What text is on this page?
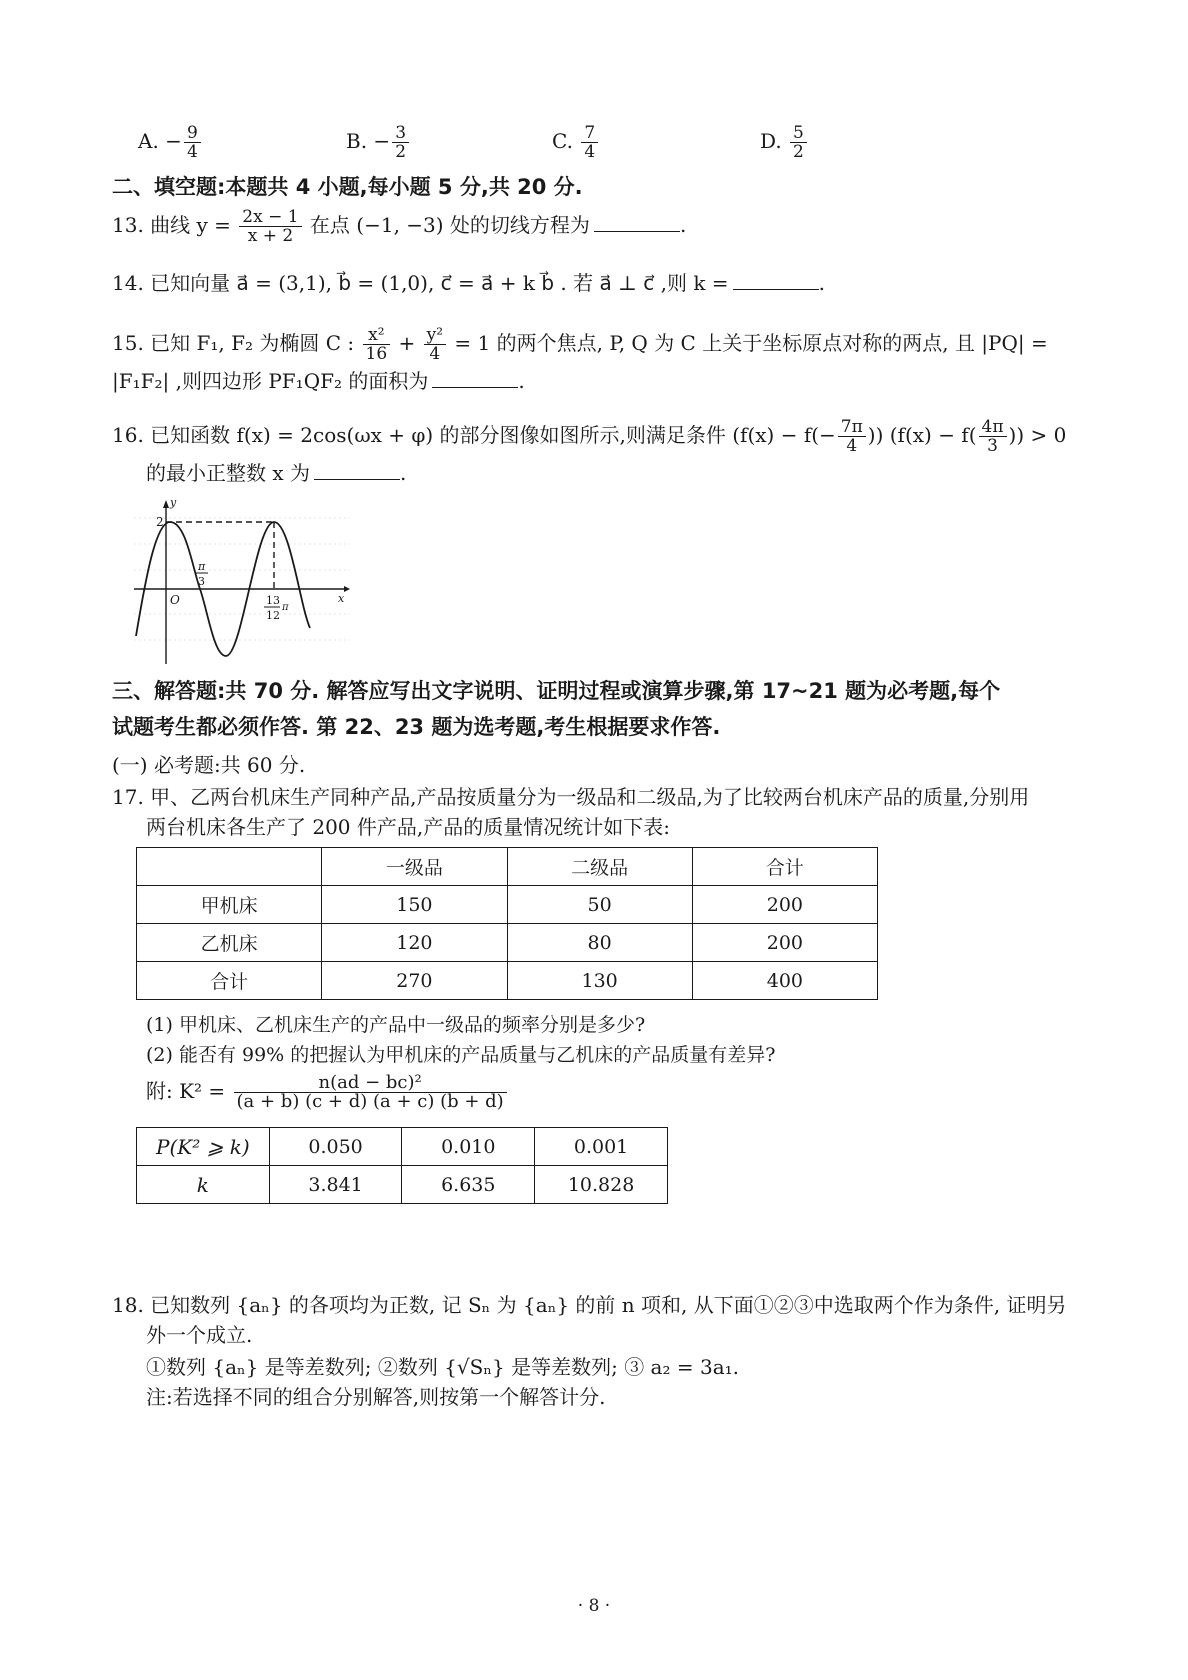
A. − $\frac{9}{4}$	B. − $\frac{3}{2}$	C. $\frac{7}{4}$	D. $\frac{5}{2}$
二、填空题:本题共 4 小题,每小题 5 分,共 20 分.
13. 曲线 $y = \frac{2x - 1}{x + 2}$ 在点 (−1, −3) 处的切线方程为	.
14. 已知向量 a⃗ = (3,1), b⃗ = (1,0), c⃗ = a⃗ + k b⃗ . 若 a⃗ ⊥ c⃗ ,则 k =	.
15. 已知 F₁, F₂ 为椭圆 C : $\frac{\text{x²}}{16} + \frac{\text{y²}}{4} = 1$ 的两个焦点, P, Q 为 C 上关于坐标原点对称的两点, 且 |PQ| =
|F₁F₂| ,则四边形 PF₁QF₂ 的面积为	.
16. 已知函数 f(x) = 2cos(ωx + φ) 的部分图像如图所示,则满足条件 ($f(x) - f(- \frac{7\pi}{4}$ )) ($f(x) - f( \frac{4\pi}{3}$ )) > 0
的最小正整数 x 为	.
y
x
2
O
π
3
13
12
π
三、解答题:共 70 分. 解答应写出文字说明、证明过程或演算步骤,第 17~21 题为必考题,每个
试题考生都必须作答. 第 22、23 题为选考题,考生根据要求作答.
(一) 必考题:共 60 分.
17. 甲、乙两台机床生产同种产品,产品按质量分为一级品和二级品,为了比较两台机床产品的质量,分别用
两台机床各生产了 200 件产品,产品的质量情况统计如下表:
	一级品	二级品	合计
甲机床	150	50	200
乙机床	120	80	200
合计	270	130	400
(1) 甲机床、乙机床生产的产品中一级品的频率分别是多少?
(2) 能否有 99% 的把握认为甲机床的产品质量与乙机床的产品质量有差异?
附: $K^2 = \frac{\text{n(ad − bc)²}}{(a + b) (c + d) (a + c) (b + d)}$
P(K² ⩾ k)	0.050	0.010	0.001
k	3.841	6.635	10.828
18. 已知数列 {aₙ} 的各项均为正数, 记 Sₙ 为 {aₙ} 的前 n 项和, 从下面①②③中选取两个作为条件, 证明另
外一个成立.
①数列 {aₙ} 是等差数列; ②数列 {√Sₙ} 是等差数列; ③ a₂ = 3a₁.
注:若选择不同的组合分别解答,则按第一个解答计分.
· 8 ·
